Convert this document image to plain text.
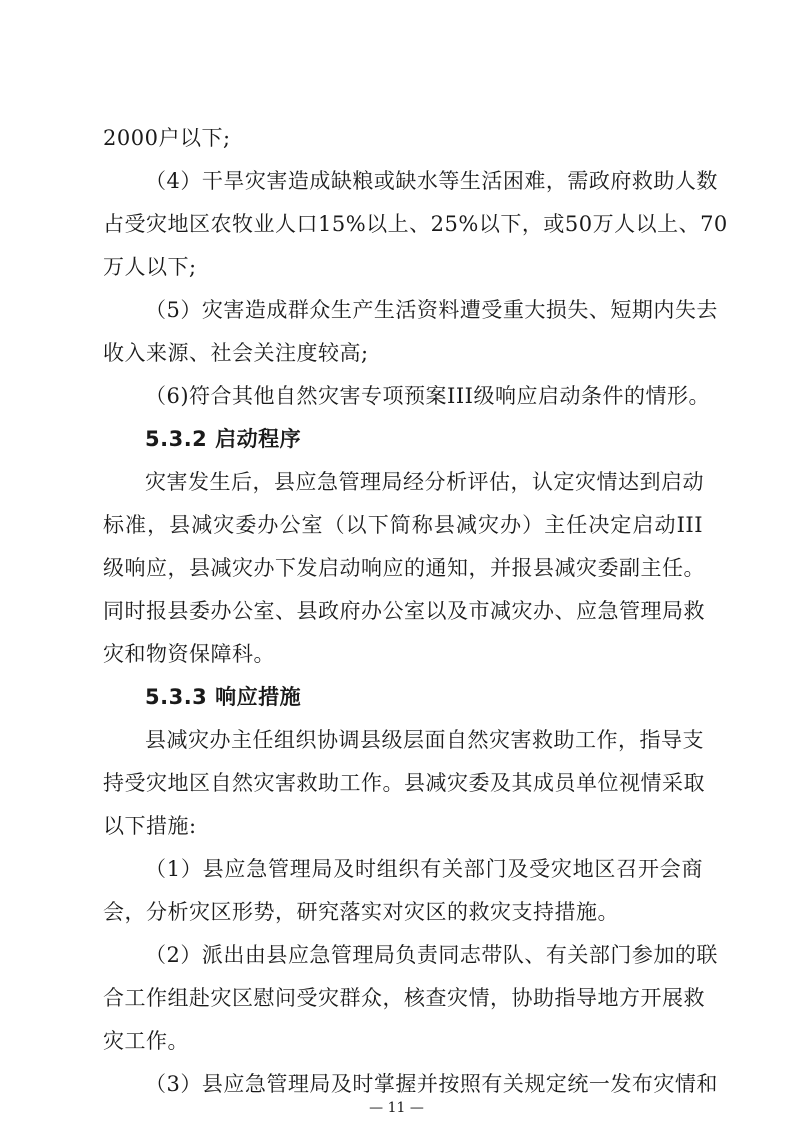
2000户以下;
（4）干旱灾害造成缺粮或缺水等生活困难，需政府救助人数
占受灾地区农牧业人口15%以上、25%以下，或50万人以上、70
万人以下;
（5）灾害造成群众生产生活资料遭受重大损失、短期内失去
收入来源、社会关注度较高;
（6)符合其他自然灾害专项预案III级响应启动条件的情形。
5.3.2 启动程序
灾害发生后，县应急管理局经分析评估，认定灾情达到启动
标准，县减灾委办公室（以下简称县减灾办）主任决定启动III
级响应，县减灾办下发启动响应的通知，并报县减灾委副主任。
同时报县委办公室、县政府办公室以及市减灾办、应急管理局救
灾和物资保障科。
5.3.3 响应措施
县减灾办主任组织协调县级层面自然灾害救助工作，指导支
持受灾地区自然灾害救助工作。县减灾委及其成员单位视情采取
以下措施:
（1）县应急管理局及时组织有关部门及受灾地区召开会商
会，分析灾区形势，研究落实对灾区的救灾支持措施。
（2）派出由县应急管理局负责同志带队、有关部门参加的联
合工作组赴灾区慰问受灾群众，核查灾情，协助指导地方开展救
灾工作。
（3）县应急管理局及时掌握并按照有关规定统一发布灾情和
— 11 —
